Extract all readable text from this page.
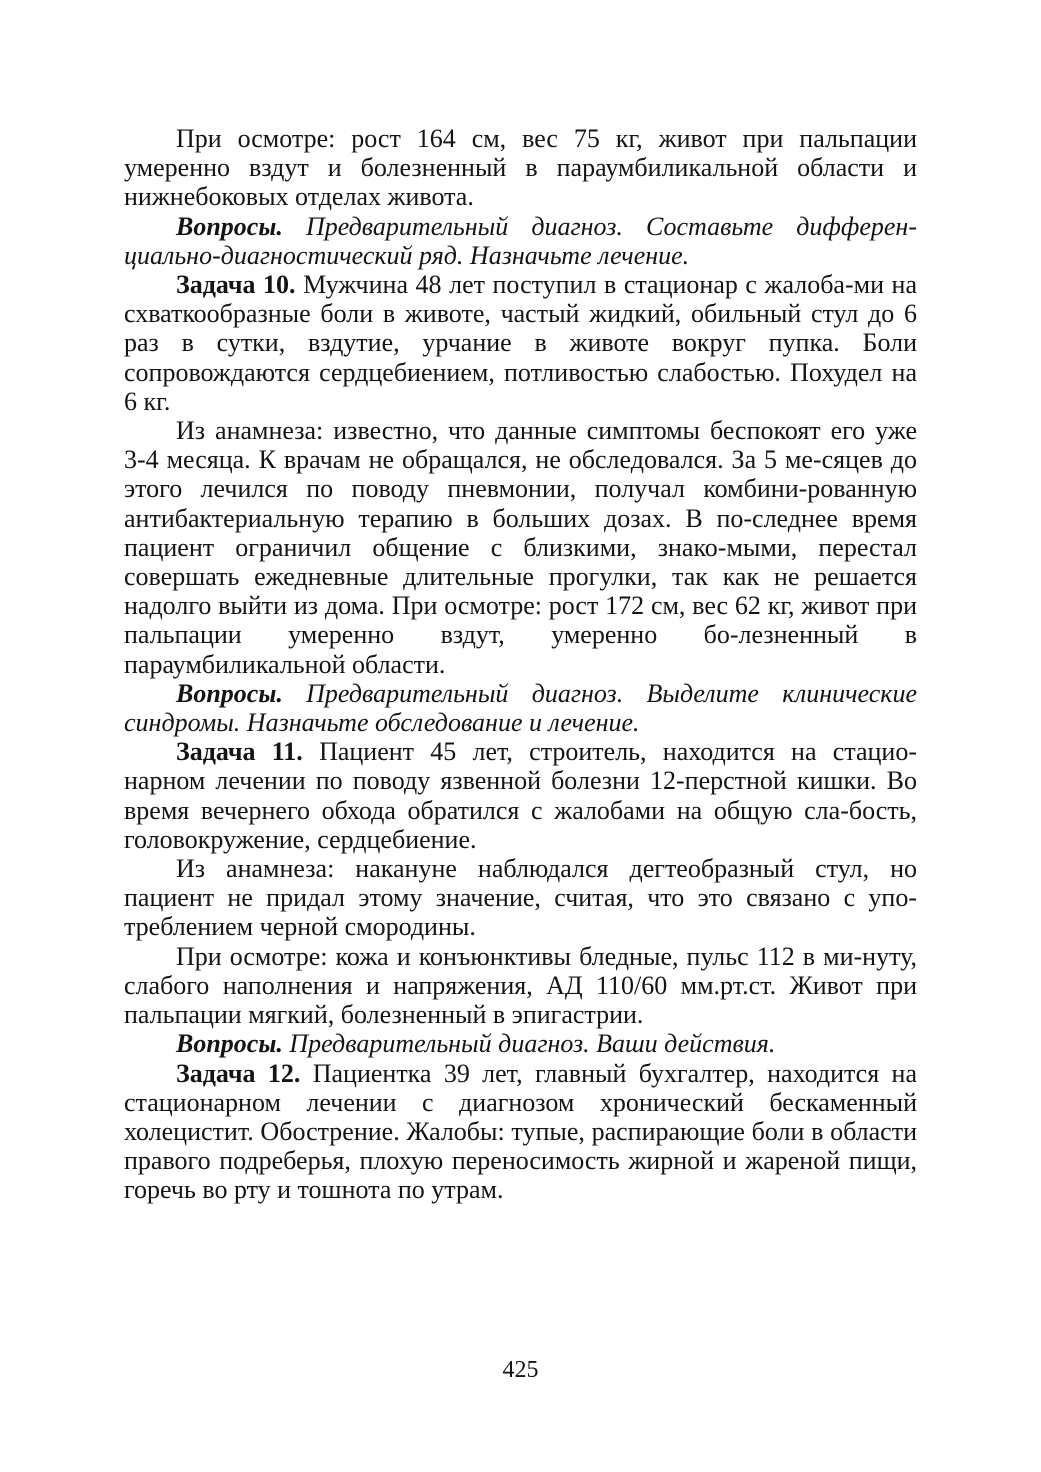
При осмотре: рост 164 см, вес 75 кг, живот при пальпации умеренно вздут и болезненный в параумбиликальной области и нижнебоковых отделах живота.

Вопросы. Предварительный диагноз. Составьте дифферен-циально-диагностический ряд. Назначьте лечение.

Задача 10. Мужчина 48 лет поступил в стационар с жалоба-ми на схваткообразные боли в животе, частый жидкий, обильный стул до 6 раз в сутки, вздутие, урчание в животе вокруг пупка. Боли сопровождаются сердцебиением, потливостью слабостью. Похудел на 6 кг.

Из анамнеза: известно, что данные симптомы беспокоят его уже 3-4 месяца. К врачам не обращался, не обследовался. За 5 ме-сяцев до этого лечился по поводу пневмонии, получал комбини-рованную антибактериальную терапию в больших дозах. В по-следнее время пациент ограничил общение с близкими, знако-мыми, перестал совершать ежедневные длительные прогулки, так как не решается надолго выйти из дома. При осмотре: рост 172 см, вес 62 кг, живот при пальпации умеренно вздут, умеренно бо-лезненный в параумбиликальной области.

Вопросы. Предварительный диагноз. Выделите клинические синдромы. Назначьте обследование и лечение.

Задача 11. Пациент 45 лет, строитель, находится на стацио-нарном лечении по поводу язвенной болезни 12-перстной кишки. Во время вечернего обхода обратился с жалобами на общую сла-бость, головокружение, сердцебиение.

Из анамнеза: накануне наблюдался дегтеобразный стул, но пациент не придал этому значение, считая, что это связано с упо-треблением черной смородины.

При осмотре: кожа и конъюнктивы бледные, пульс 112 в ми-нуту, слабого наполнения и напряжения, АД 110/60 мм.рт.ст. Живот при пальпации мягкий, болезненный в эпигастрии.

Вопросы. Предварительный диагноз. Ваши действия.

Задача 12. Пациентка 39 лет, главный бухгалтер, находится на стационарном лечении с диагнозом хронический бескаменный холецистит. Обострение. Жалобы: тупые, распирающие боли в области правого подреберья, плохую переносимость жирной и жареной пищи, горечь во рту и тошнота по утрам.

425
